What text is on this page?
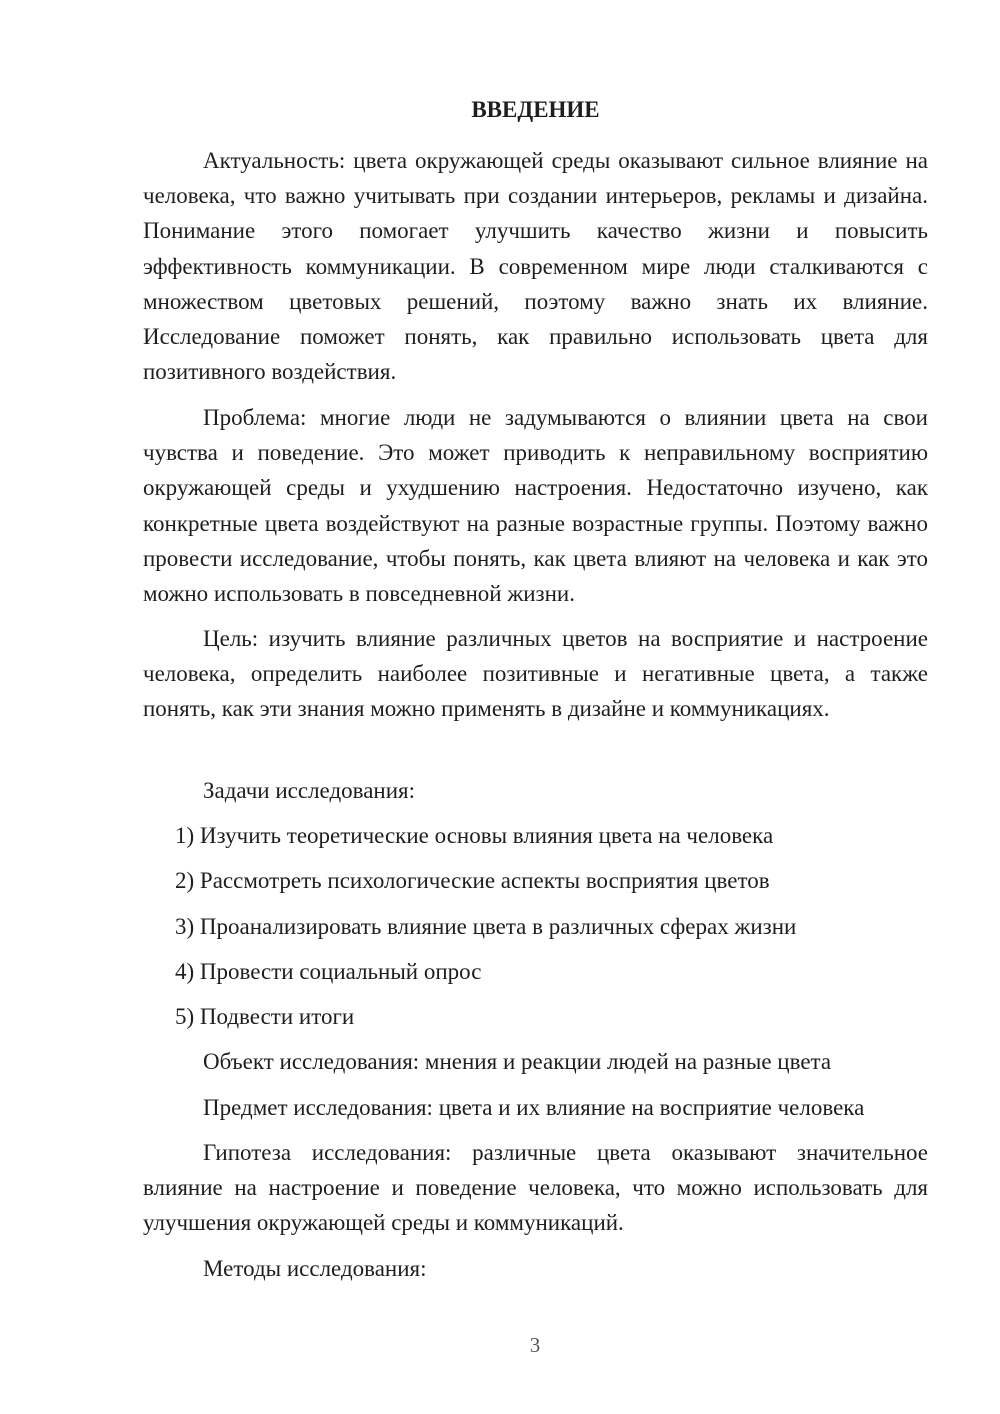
ВВЕДЕНИЕ

Актуальность: цвета окружающей среды оказывают сильное влияние на человека, что важно учитывать при создании интерьеров, рекламы и дизайна. Понимание этого помогает улучшить качество жизни и повысить эффективность коммуникации. В современном мире люди сталкиваются с множеством цветовых решений, поэтому важно знать их влияние. Исследование поможет понять, как правильно использовать цвета для позитивного воздействия.

Проблема: многие люди не задумываются о влиянии цвета на свои чувства и поведение. Это может приводить к неправильному восприятию окружающей среды и ухудшению настроения. Недостаточно изучено, как конкретные цвета воздействуют на разные возрастные группы. Поэтому важно провести исследование, чтобы понять, как цвета влияют на человека и как это можно использовать в повседневной жизни.

Цель: изучить влияние различных цветов на восприятие и настроение человека, определить наиболее позитивные и негативные цвета, а также понять, как эти знания можно применять в дизайне и коммуникациях.

Задачи исследования:

1) Изучить теоретические основы влияния цвета на человека

2) Рассмотреть психологические аспекты восприятия цветов

3) Проанализировать влияние цвета в различных сферах жизни

4) Провести социальный опрос

5) Подвести итоги

Объект исследования: мнения и реакции людей на разные цвета

Предмет исследования: цвета и их влияние на восприятие человека

Гипотеза исследования: различные цвета оказывают значительное влияние на настроение и поведение человека, что можно использовать для улучшения окружающей среды и коммуникаций.

Методы исследования:

3
